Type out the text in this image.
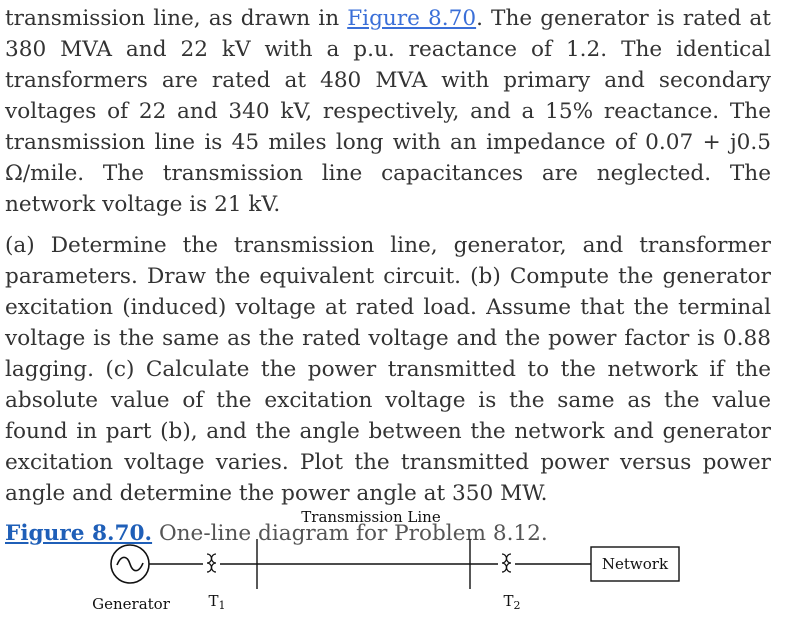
transmission line, as drawn in Figure 8.70. The generator is rated at 380 MVA and 22 kV with a p.u. reactance of 1.2. The identical transformers are rated at 480 MVA with primary and secondary voltages of 22 and 340 kV, respectively, and a 15% reactance. The transmission line is 45 miles long with an impedance of 0.07 + j0.5 Ω/mile. The transmission line capacitances are neglected. The network voltage is 21 kV.

(a) Determine the transmission line, generator, and transformer parameters. Draw the equivalent circuit. (b) Compute the generator excitation (induced) voltage at rated load. Assume that the terminal voltage is the same as the rated voltage and the power factor is 0.88 lagging. (c) Calculate the power transmitted to the network if the absolute value of the excitation voltage is the same as the value found in part (b), and the angle between the network and generator excitation voltage varies. Plot the transmitted power versus power angle and determine the power angle at 350 MW.

Figure 8.70. One-line diagram for Problem 8.12.
Transmission Line
Network
Generator	$T_1$	$T_2$
